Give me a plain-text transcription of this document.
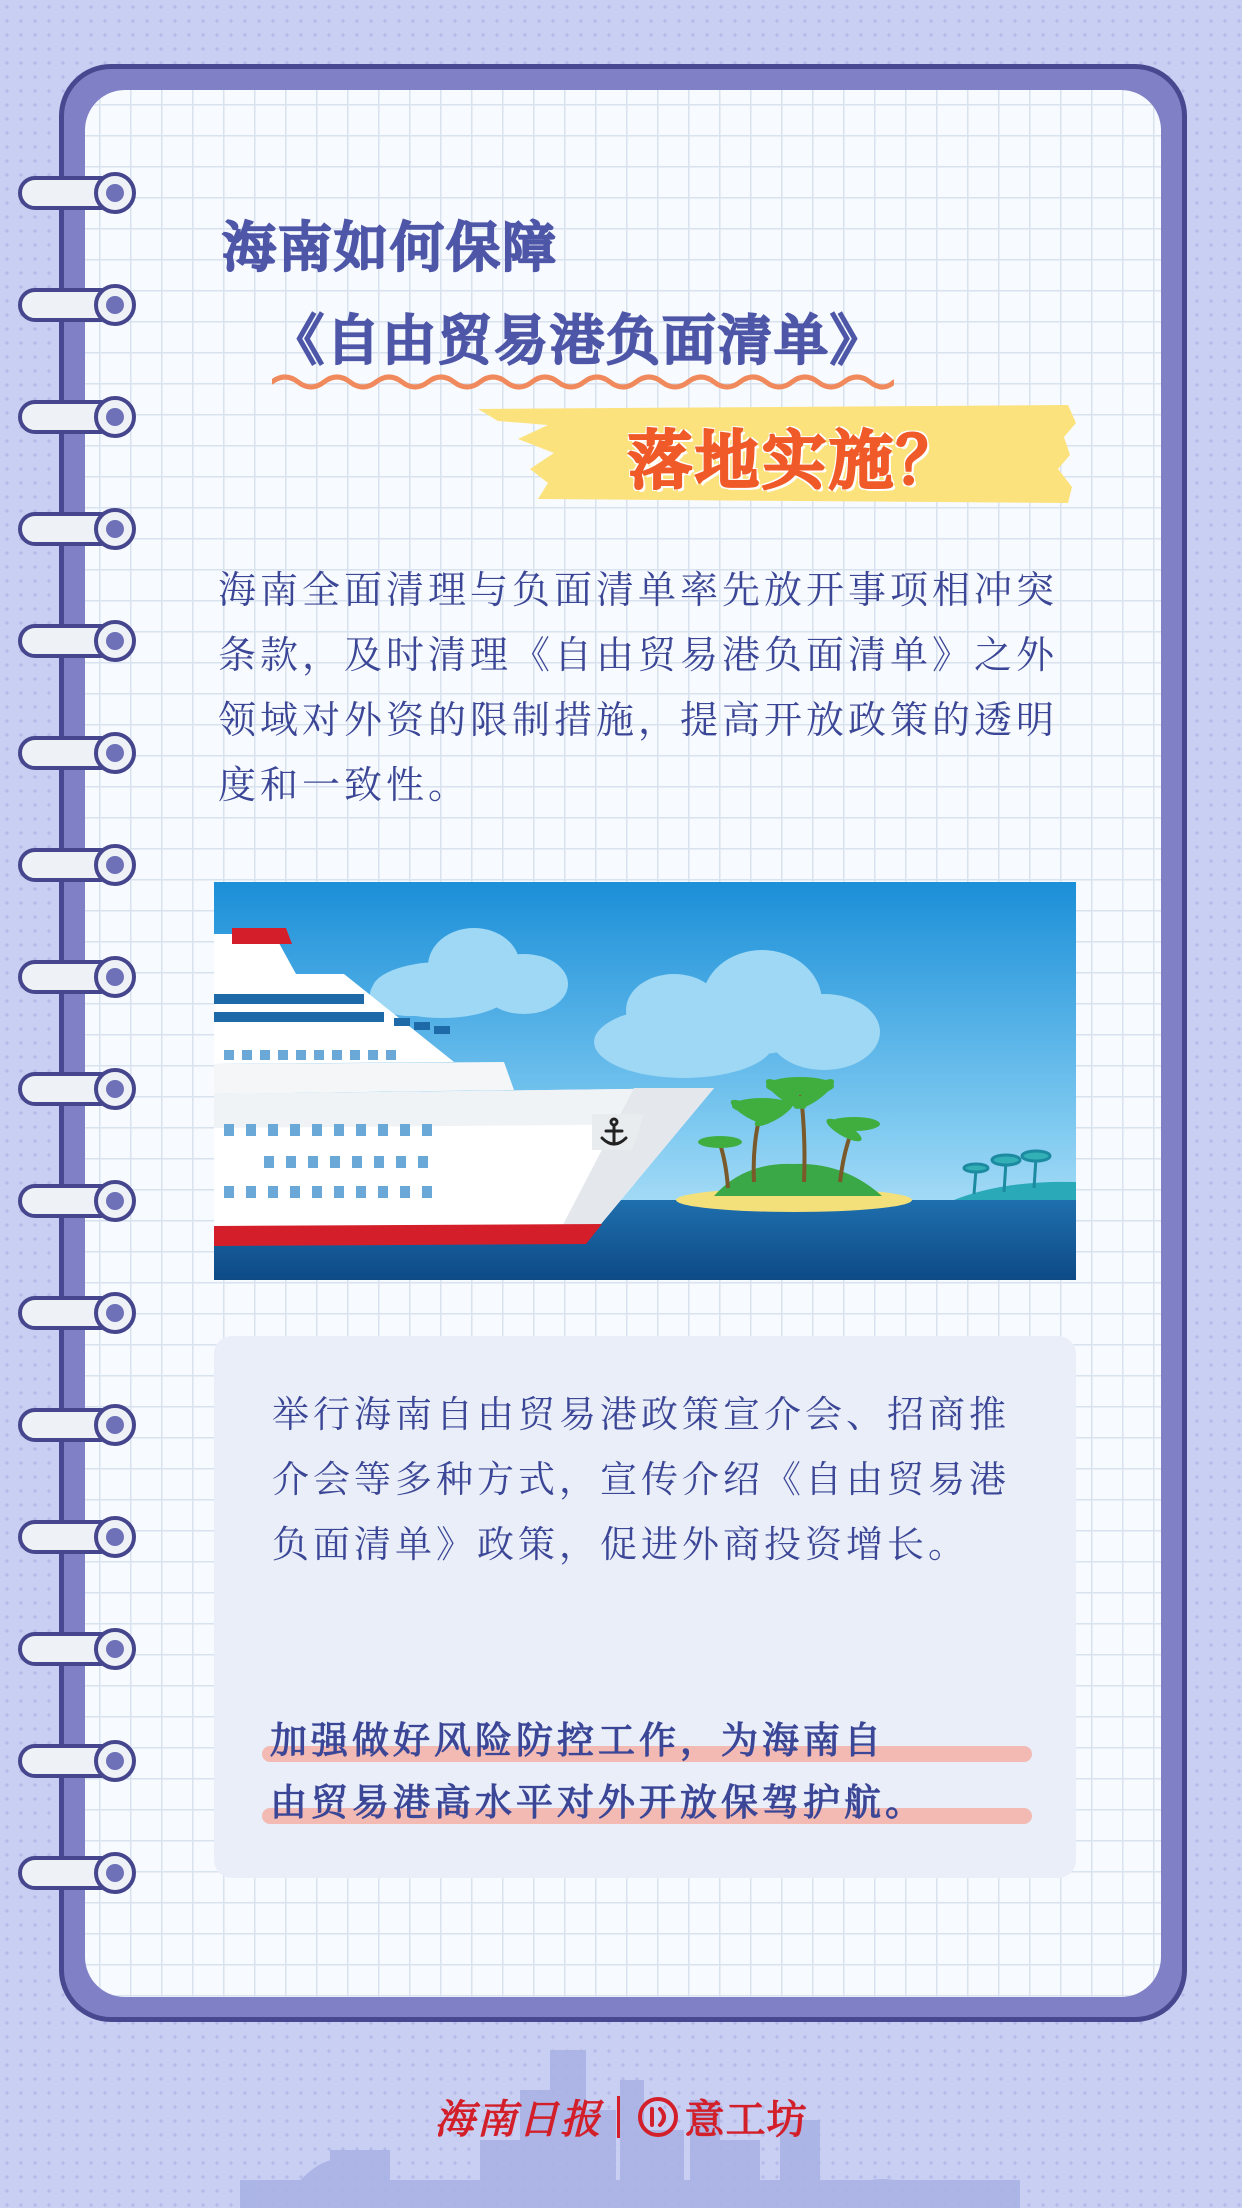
海南如何保障
《自由贸易港负面清单》
落地实施？
海南全面清理与负面清单率先放开事项相冲突条款，及时清理《自由贸易港负面清单》之外领域对外资的限制措施，提高开放政策的透明度和一致性。
举行海南自由贸易港政策宣介会、招商推介会等多种方式，宣传介绍《自由贸易港负面清单》政策，促进外商投资增长。
加强做好风险防控工作，为海南自
由贸易港高水平对外开放保驾护航。
海南日报 意工坊
